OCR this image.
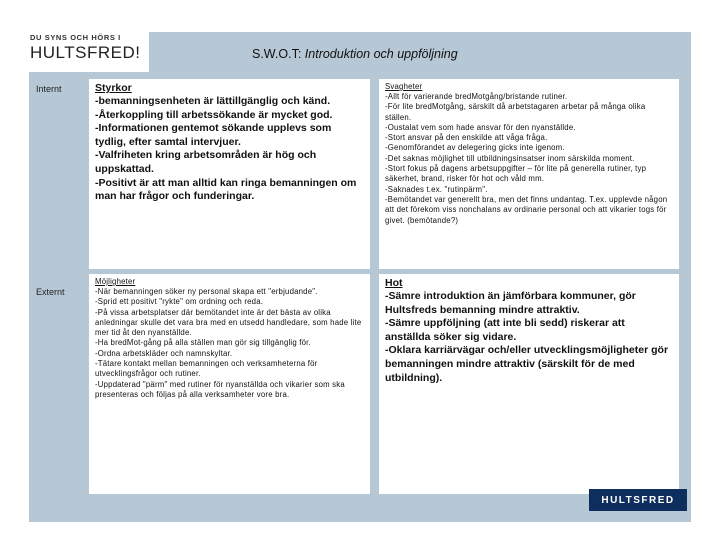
DU SYNS OCH HÖRS I
HULTSFRED!	S.W.O.T: Introduktion och uppföljning
Internt
Externt
Styrkor
-bemanningsenheten är lättillgänglig och känd.
-Återkoppling till arbetssökande är mycket god.
-Informationen gentemot sökande upplevs som tydlig, efter samtal intervjuer.
-Valfriheten kring arbetsområden är hög och uppskattad.
-Positivt är att man alltid kan ringa bemanningen om man har frågor och funderingar.
Svagheter
-Allt för varierande bredMotgång/bristande rutiner.
-För lite bredMotgång, särskilt då arbetstagaren arbetar på många olika ställen.
-Oustalat vem som hade ansvar för den nyanställde.
-Stort ansvar på den enskilde att våga fråga.
-Genomförandet av delegering gicks inte igenom.
-Det saknas möjlighet till utbildningsinsatser inom särskilda moment.
-Stort fokus på dagens arbetsuppgifter – för lite på generella rutiner, typ säkerhet, brand, risker för hot och våld mm.
-Saknades t.ex. "rutinpärm".
-Bemötandet var generellt bra, men det finns undantag. T.ex. upplevde någon att det förekom viss nonchalans av ordinarie personal och att vikarier togs för givet. (bemötande?)
Möjligheter
-När bemanningen söker ny personal skapa ett "erbjudande".
-Sprid ett positivt "rykte" om ordning och reda.
-På vissa arbetsplatser där bemötandet inte är det bästa av olika anledningar skulle det vara bra med en utsedd handledare, som hade lite mer tid åt den nyanställde.
-Ha bredMot-gång på alla ställen man gör sig tillgänglig för.
-Ordna arbetskläder och namnskyltar.
-Tätare kontakt mellan bemanningen och verksamheterna för utvecklingsfrågor och rutiner.
-Uppdaterad "pärm" med rutiner för nyanställda och vikarier som ska presenteras och följas på alla verksamheter vore bra.
Hot
-Sämre introduktion än jämförbara kommuner, gör Hultsfreds bemanning mindre attraktiv.
-Sämre uppföljning (att inte bli sedd) riskerar att anställda söker sig vidare.
-Oklara karriärvägar och/eller utvecklingsmöjligheter gör bemanningen mindre attraktiv (särskilt för de med utbildning).
HULTSFRED
